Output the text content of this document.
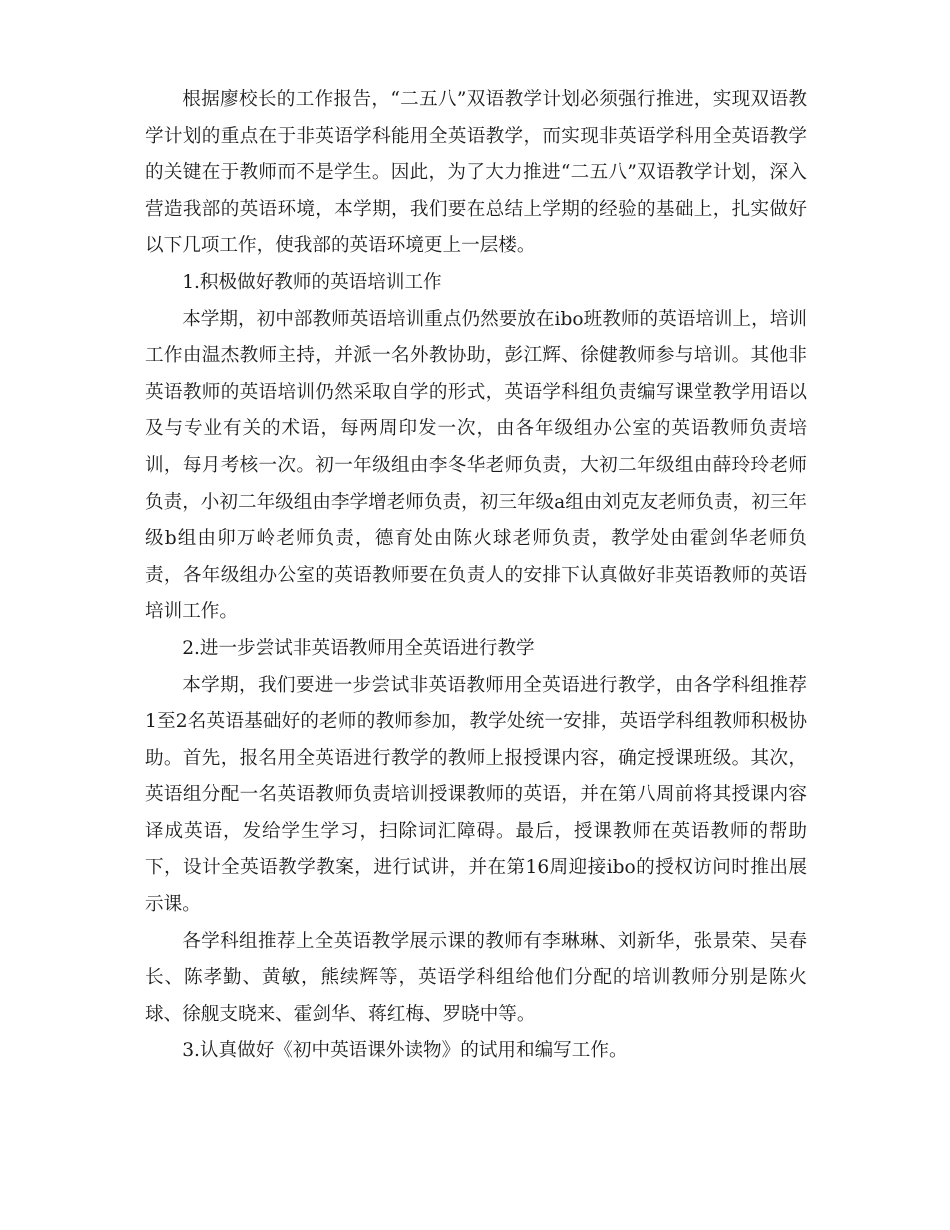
根据廖校长的工作报告，“二五八”双语教学计划必须强行推进，实现双语教学计划的重点在于非英语学科能用全英语教学，而实现非英语学科用全英语教学的关键在于教师而不是学生。因此，为了大力推进“二五八”双语教学计划，深入营造我部的英语环境，本学期，我们要在总结上学期的经验的基础上，扎实做好以下几项工作，使我部的英语环境更上一层楼。

1.积极做好教师的英语培训工作

本学期，初中部教师英语培训重点仍然要放在ibo班教师的英语培训上，培训工作由温杰教师主持，并派一名外教协助，彭江辉、徐健教师参与培训。其他非英语教师的英语培训仍然采取自学的形式，英语学科组负责编写课堂教学用语以及与专业有关的术语，每两周印发一次，由各年级组办公室的英语教师负责培训，每月考核一次。初一年级组由李冬华老师负责，大初二年级组由薛玲玲老师负责，小初二年级组由李学增老师负责，初三年级a组由刘克友老师负责，初三年级b组由卯万岭老师负责，德育处由陈火球老师负责，教学处由霍剑华老师负责，各年级组办公室的英语教师要在负责人的安排下认真做好非英语教师的英语培训工作。

2.进一步尝试非英语教师用全英语进行教学

本学期，我们要进一步尝试非英语教师用全英语进行教学，由各学科组推荐1至2名英语基础好的老师的教师参加，教学处统一安排，英语学科组教师积极协助。首先，报名用全英语进行教学的教师上报授课内容，确定授课班级。其次，英语组分配一名英语教师负责培训授课教师的英语，并在第八周前将其授课内容译成英语，发给学生学习，扫除词汇障碍。最后，授课教师在英语教师的帮助下，设计全英语教学教案，进行试讲，并在第16周迎接ibo的授权访问时推出展示课。

各学科组推荐上全英语教学展示课的教师有李琳琳、刘新华，张景荣、吴春长、陈孝勤、黄敏，熊续辉等，英语学科组给他们分配的培训教师分别是陈火球、徐舰支晓来、霍剑华、蒋红梅、罗晓中等。

3.认真做好《初中英语课外读物》的试用和编写工作。
